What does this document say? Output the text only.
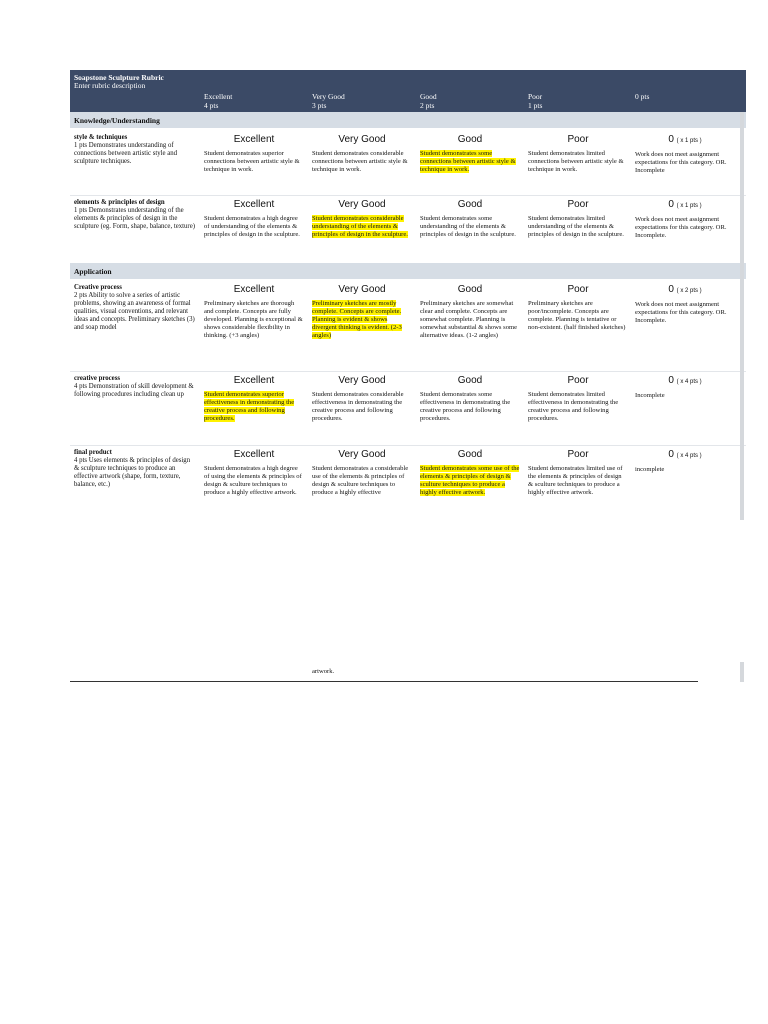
Soapstone Sculpture Rubric
Enter rubric description
Excellent
4 pts
Very Good
3 pts
Good
2 pts
Poor
1 pts
0 pts
Knowledge/Understanding
style & techniques
1 pts Demonstrates understanding of connections between artistic style and sculpture techniques.
Excellent
Student demonstrates superior connections between artistic style & technique in work.
Very Good
Student demonstrates considerable connections between artistic style & technique in work.
Good
Student demonstrates some connections between artistic style & technique in work.
Poor
Student demonstrates limited connections between artistic style & technique in work.
0 ( x 1 pts )
Work does not meet assignment expectations for this category. OR. Incomplete
elements & principles of design
1 pts Demonstrates understanding of the elements & principles of design in the sculpture (eg. Form, shape, balance, texture)
Excellent
Student demonstrates a high degree of understanding of the elements & principles of design in the sculpture.
Very Good
Student demonstrates considerable understanding of the elements & principles of design in the sculpture.
Good
Student demonstrates some understanding of the elements & principles of design in the sculpture.
Poor
Student demonstrates limited understanding of the elements & principles of design in the sculpture.
0 ( x 1 pts )
Work does not meet assignment expectations for this category. OR. Incomplete.
Application
Creative process
2 pts Ability to solve a series of artistic problems, showing an awareness of formal qualities, visual conventions, and relevant ideas and concepts. Preliminary sketches (3) and soap model
Excellent
Preliminary sketches are thorough and complete. Concepts are fully developed. Planning is exceptional & shows considerable flexibility in thinking. (+3 angles)
Very Good
Preliminary sketches are mostly complete. Concepts are complete. Planning is evident & shows divergent thinking is evident. (2-3 angles)
Good
Preliminary sketches are somewhat clear and complete. Concepts are somewhat complete. Planning is somewhat substantial & shows some alternative ideas. (1-2 angles)
Poor
Preliminary sketches are poor/incomplete. Concepts are complete. Planning is tentative or non-existent. (half finished sketches)
0 ( x 2 pts )
Work does not meet assignment expectations for this category. OR. Incomplete.
creative process
4 pts Demonstration of skill development & following procedures including clean up
Excellent
Student demonstrates superior effectiveness in demonstrating the creative process and following procedures.
Very Good
Student demonstrates considerable effectiveness in demonstrating the creative process and following procedures.
Good
Student demonstrates some effectiveness in demonstrating the creative process and following procedures.
Poor
Student demonstrates limited effectiveness in demonstrating the creative process and following procedures.
0 ( x 4 pts )
Incomplete
final product
4 pts Uses elements & principles of design & sculpture techniques to produce an effective artwork (shape, form, texture, balance, etc.)
Excellent
Student demonstrates a high degree of using the elements & principles of design & sculture techniques to produce a highly effective artwork.
Very Good
Student demonstrates a considerable use of the elements & principles of design & sculture techniques to produce a highly effective
Good
Student demonstrates some use of the elements & principles of design & sculture techniques to produce a highly effective artwork.
Poor
Student demonstrates limited use of the elements & principles of design & sculture techniques to produce a highly effective artwork.
0 ( x 4 pts )
incomplete
artwork.
